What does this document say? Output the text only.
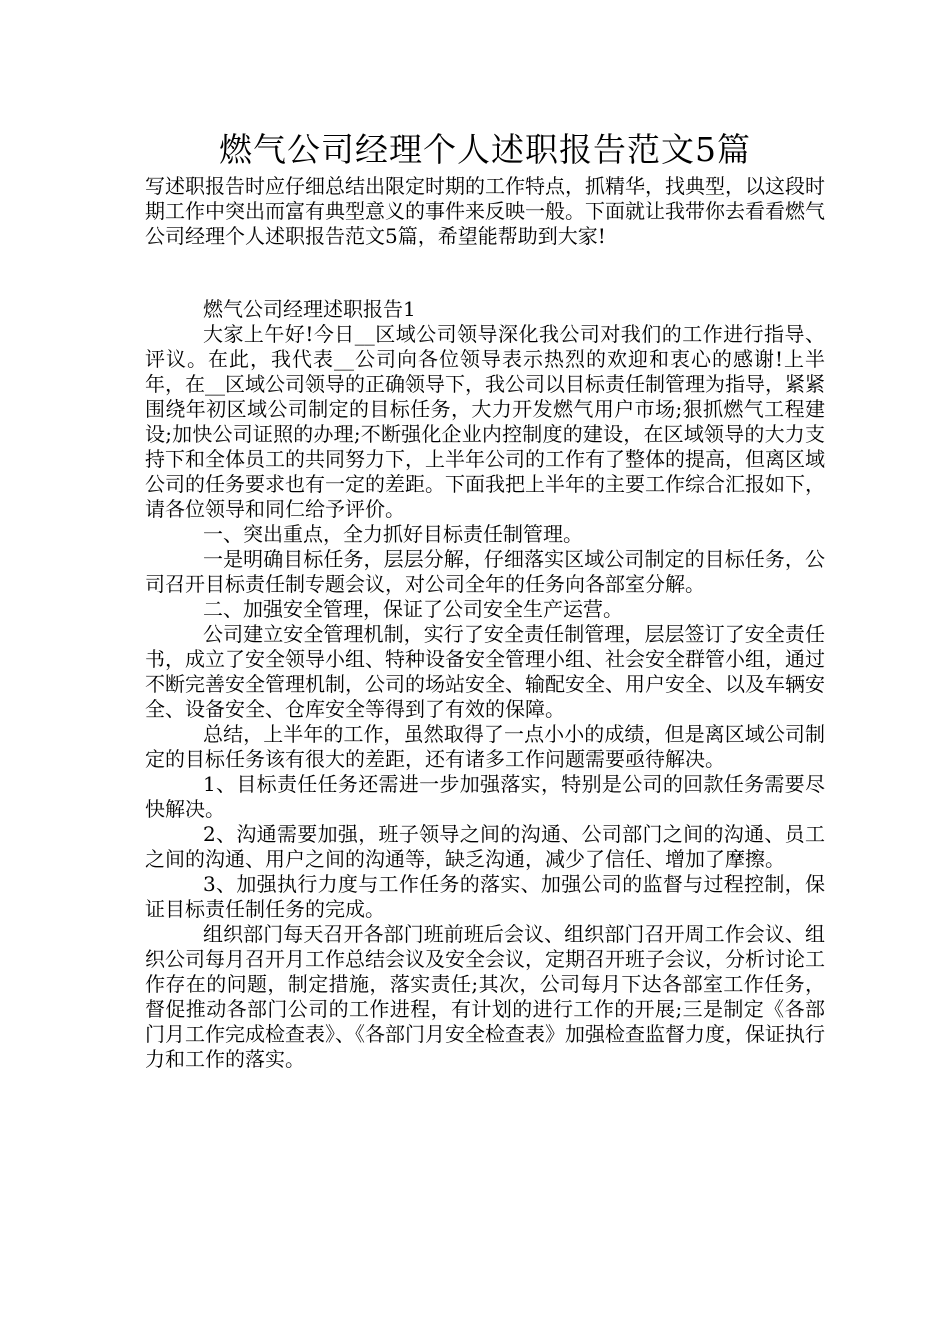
燃气公司经理个人述职报告范文5篇

写述职报告时应仔细总结出限定时期的工作特点，抓精华，找典型，以这段时期工作中突出而富有典型意义的事件来反映一般。下面就让我带你去看看燃气公司经理个人述职报告范文5篇，希望能帮助到大家!

燃气公司经理述职报告1

大家上午好!今日__区域公司领导深化我公司对我们的工作进行指导、评议。在此，我代表__公司向各位领导表示热烈的欢迎和衷心的感谢!上半年，在__区域公司领导的正确领导下，我公司以目标责任制管理为指导，紧紧围绕年初区域公司制定的目标任务，大力开发燃气用户市场;狠抓燃气工程建设;加快公司证照的办理;不断强化企业内控制度的建设，在区域领导的大力支持下和全体员工的共同努力下，上半年公司的工作有了整体的提高，但离区域公司的任务要求也有一定的差距。下面我把上半年的主要工作综合汇报如下，请各位领导和同仁给予评价。

一、突出重点，全力抓好目标责任制管理。

一是明确目标任务，层层分解，仔细落实区域公司制定的目标任务，公司召开目标责任制专题会议，对公司全年的任务向各部室分解。

二、加强安全管理，保证了公司安全生产运营。

公司建立安全管理机制，实行了安全责任制管理，层层签订了安全责任书，成立了安全领导小组、特种设备安全管理小组、社会安全群管小组，通过不断完善安全管理机制，公司的场站安全、输配安全、用户安全、以及车辆安全、设备安全、仓库安全等得到了有效的保障。

总结，上半年的工作，虽然取得了一点小小的成绩，但是离区域公司制定的目标任务该有很大的差距，还有诸多工作问题需要亟待解决。

1、目标责任任务还需进一步加强落实，特别是公司的回款任务需要尽快解决。

2、沟通需要加强，班子领导之间的沟通、公司部门之间的沟通、员工之间的沟通、用户之间的沟通等，缺乏沟通，减少了信任、增加了摩擦。

3、加强执行力度与工作任务的落实、加强公司的监督与过程控制，保证目标责任制任务的完成。

组织部门每天召开各部门班前班后会议、组织部门召开周工作会议、组织公司每月召开月工作总结会议及安全会议，定期召开班子会议，分析讨论工作存在的问题，制定措施，落实责任;其次，公司每月下达各部室工作任务，督促推动各部门公司的工作进程，有计划的进行工作的开展;三是制定《各部门月工作完成检查表》、《各部门月安全检查表》加强检查监督力度，保证执行力和工作的落实。
